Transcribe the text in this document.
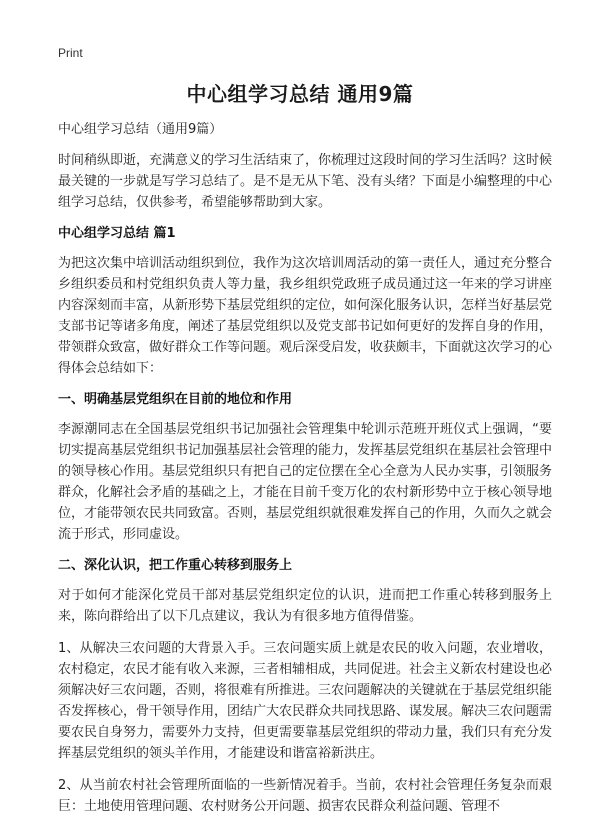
Print
中心组学习总结 通用9篇
中心组学习总结（通用9篇）

时间稍纵即逝，充满意义的学习生活结束了，你梳理过这段时间的学习生活吗？这时候最关键的一步就是写学习总结了。是不是无从下笔、没有头绪？下面是小编整理的中心组学习总结，仅供参考，希望能够帮助到大家。

中心组学习总结 篇1

为把这次集中培训活动组织到位，我作为这次培训周活动的第一责任人，通过充分整合乡组织委员和村党组织负责人等力量，我乡组织党政班子成员通过这一年来的学习讲座内容深刻而丰富，从新形势下基层党组织的定位，如何深化服务认识，怎样当好基层党支部书记等诸多角度，阐述了基层党组织以及党支部书记如何更好的发挥自身的作用，带领群众致富，做好群众工作等问题。观后深受启发，收获颇丰，下面就这次学习的心得体会总结如下：

一、明确基层党组织在目前的地位和作用

李源潮同志在全国基层党组织书记加强社会管理集中轮训示范班开班仪式上强调，“要切实提高基层党组织书记加强基层社会管理的能力，发挥基层党组织在基层社会管理中的领导核心作用。基层党组织只有把自己的定位摆在全心全意为人民办实事，引领服务群众，化解社会矛盾的基础之上，才能在目前千变万化的农村新形势中立于核心领导地位，才能带领农民共同致富。否则，基层党组织就很难发挥自己的作用，久而久之就会流于形式，形同虚设。

二、深化认识，把工作重心转移到服务上

对于如何才能深化党员干部对基层党组织定位的认识，进而把工作重心转移到服务上来，陈向群给出了以下几点建议，我认为有很多地方值得借鉴。

1、从解决三农问题的大背景入手。三农问题实质上就是农民的收入问题，农业增收，农村稳定，农民才能有收入来源，三者相辅相成，共同促进。社会主义新农村建设也必须解决好三农问题，否则，将很难有所推进。三农问题解决的关键就在于基层党组织能否发挥核心，骨干领导作用，团结广大农民群众共同找思路、谋发展。解决三农问题需要农民自身努力，需要外力支持，但更需要靠基层党组织的带动力量，我们只有充分发挥基层党组织的领头羊作用，才能建设和谐富裕新洪庄。

2、从当前农村社会管理所面临的一些新情况着手。当前，农村社会管理任务复杂而艰巨：土地使用管理问题、农村财务公开问题、损害农民群众利益问题、管理不
